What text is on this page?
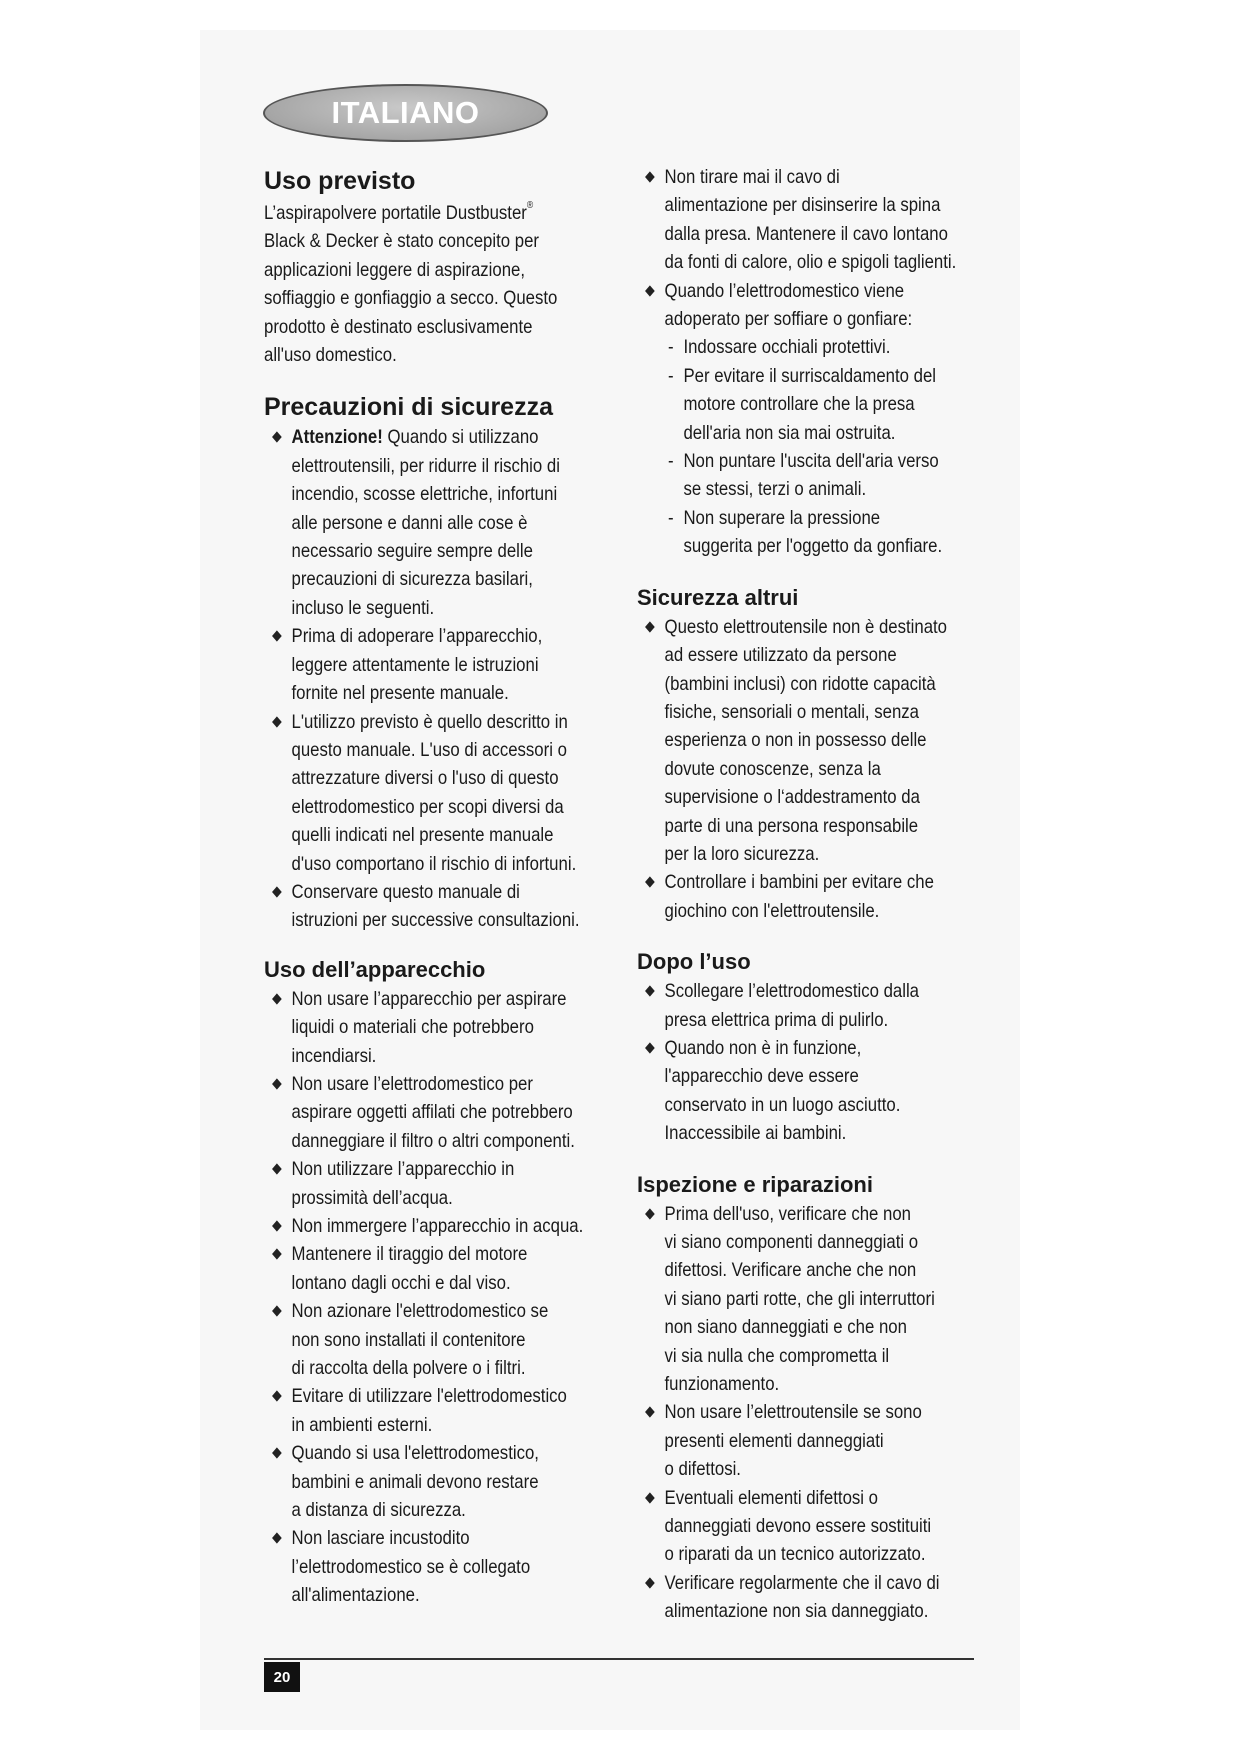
ITALIANO
Uso previsto

L’aspirapolvere portatile Dustbuster®
Black & Decker è stato concepito per
applicazioni leggere di aspirazione,
soffiaggio e gonfiaggio a secco. Questo
prodotto è destinato esclusivamente
all'uso domestico.

Precauzioni di sicurezza
Attenzione! Quando si utilizzano
elettroutensili, per ridurre il rischio di
incendio, scosse elettriche, infortuni
alle persone e danni alle cose è
necessario seguire sempre delle
precauzioni di sicurezza basilari,
incluso le seguenti.
Prima di adoperare l’apparecchio,
leggere attentamente le istruzioni
fornite nel presente manuale.
L'utilizzo previsto è quello descritto in
questo manuale. L'uso di accessori o
attrezzature diversi o l'uso di questo
elettrodomestico per scopi diversi da
quelli indicati nel presente manuale
d'uso comportano il rischio di infortuni.
Conservare questo manuale di
istruzioni per successive consultazioni.
Uso dell’apparecchio
Non usare l’apparecchio per aspirare
liquidi o materiali che potrebbero
incendiarsi.
Non usare l’elettrodomestico per
aspirare oggetti affilati che potrebbero
danneggiare il filtro o altri componenti.
Non utilizzare l’apparecchio in
prossimità dell’acqua.
Non immergere l’apparecchio in acqua.
Mantenere il tiraggio del motore
lontano dagli occhi e dal viso.
Non azionare l'elettrodomestico se
non sono installati il contenitore
di raccolta della polvere o i filtri.
Evitare di utilizzare l'elettrodomestico
in ambienti esterni.
Quando si usa l'elettrodomestico,
bambini e animali devono restare
a distanza di sicurezza.
Non lasciare incustodito
l’elettrodomestico se è collegato
all'alimentazione.
Non tirare mai il cavo di
alimentazione per disinserire la spina
dalla presa. Mantenere il cavo lontano
da fonti di calore, olio e spigoli taglienti.
Quando l’elettrodomestico viene
adoperato per soffiare o gonfiare:
- Indossare occhiali protettivi.
- Per evitare il surriscaldamento del
motore controllare che la presa
dell'aria non sia mai ostruita.
- Non puntare l'uscita dell'aria verso
se stessi, terzi o animali.
- Non superare la pressione
suggerita per l'oggetto da gonfiare.
Sicurezza altrui
Questo elettroutensile non è destinato
ad essere utilizzato da persone
(bambini inclusi) con ridotte capacità
fisiche, sensoriali o mentali, senza
esperienza o non in possesso delle
dovute conoscenze, senza la
supervisione o l‘addestramento da
parte di una persona responsabile
per la loro sicurezza.
Controllare i bambini per evitare che
giochino con l'elettroutensile.
Dopo l’uso
Scollegare l’elettrodomestico dalla
presa elettrica prima di pulirlo.
Quando non è in funzione,
l'apparecchio deve essere
conservato in un luogo asciutto.
Inaccessibile ai bambini.
Ispezione e riparazioni
Prima dell'uso, verificare che non
vi siano componenti danneggiati o
difettosi. Verificare anche che non
vi siano parti rotte, che gli interruttori
non siano danneggiati e che non
vi sia nulla che comprometta il
funzionamento.
Non usare l’elettroutensile se sono
presenti elementi danneggiati
o difettosi.
Eventuali elementi difettosi o
danneggiati devono essere sostituiti
o riparati da un tecnico autorizzato.
Verificare regolarmente che il cavo di
alimentazione non sia danneggiato.
20
